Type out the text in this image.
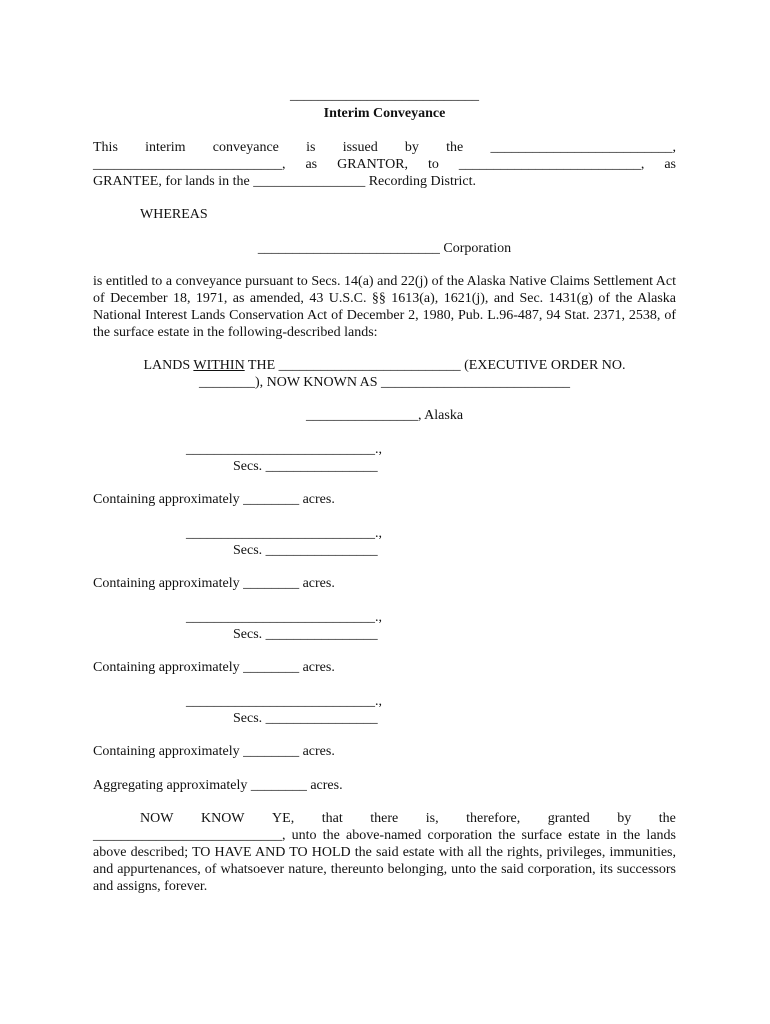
___________________________
Interim Conveyance
This interim conveyance is issued by the __________________________,
___________________________, as GRANTOR, to __________________________, as
GRANTEE, for lands in the ________________ Recording District.
WHEREAS
__________________________ Corporation
is entitled to a conveyance pursuant to Secs. 14(a) and 22(j) of the Alaska Native Claims Settlement Act of December 18, 1971, as amended, 43 U.S.C. §§ 1613(a), 1621(j), and Sec. 1431(g) of the Alaska National Interest Lands Conservation Act of December 2, 1980, Pub. L.96-487, 94 Stat. 2371, 2538, of the surface estate in the following-described lands:
LANDS WITHIN THE __________________________ (EXECUTIVE ORDER NO.
________), NOW KNOWN AS ___________________________
________________, Alaska
___________________________.,
Secs. ________________
Containing approximately ________ acres.
___________________________.,
Secs. ________________
Containing approximately ________ acres.
___________________________.,
Secs. ________________
Containing approximately ________ acres.
___________________________.,
Secs. ________________
Containing approximately ________ acres.
Aggregating approximately ________ acres.
NOW KNOW YE, that there is, therefore, granted by the
___________________________, unto the above-named corporation the surface estate in the lands above described; TO HAVE AND TO HOLD the said estate with all the rights, privileges, immunities, and appurtenances, of whatsoever nature, thereunto belonging, unto the said corporation, its successors and assigns, forever.
